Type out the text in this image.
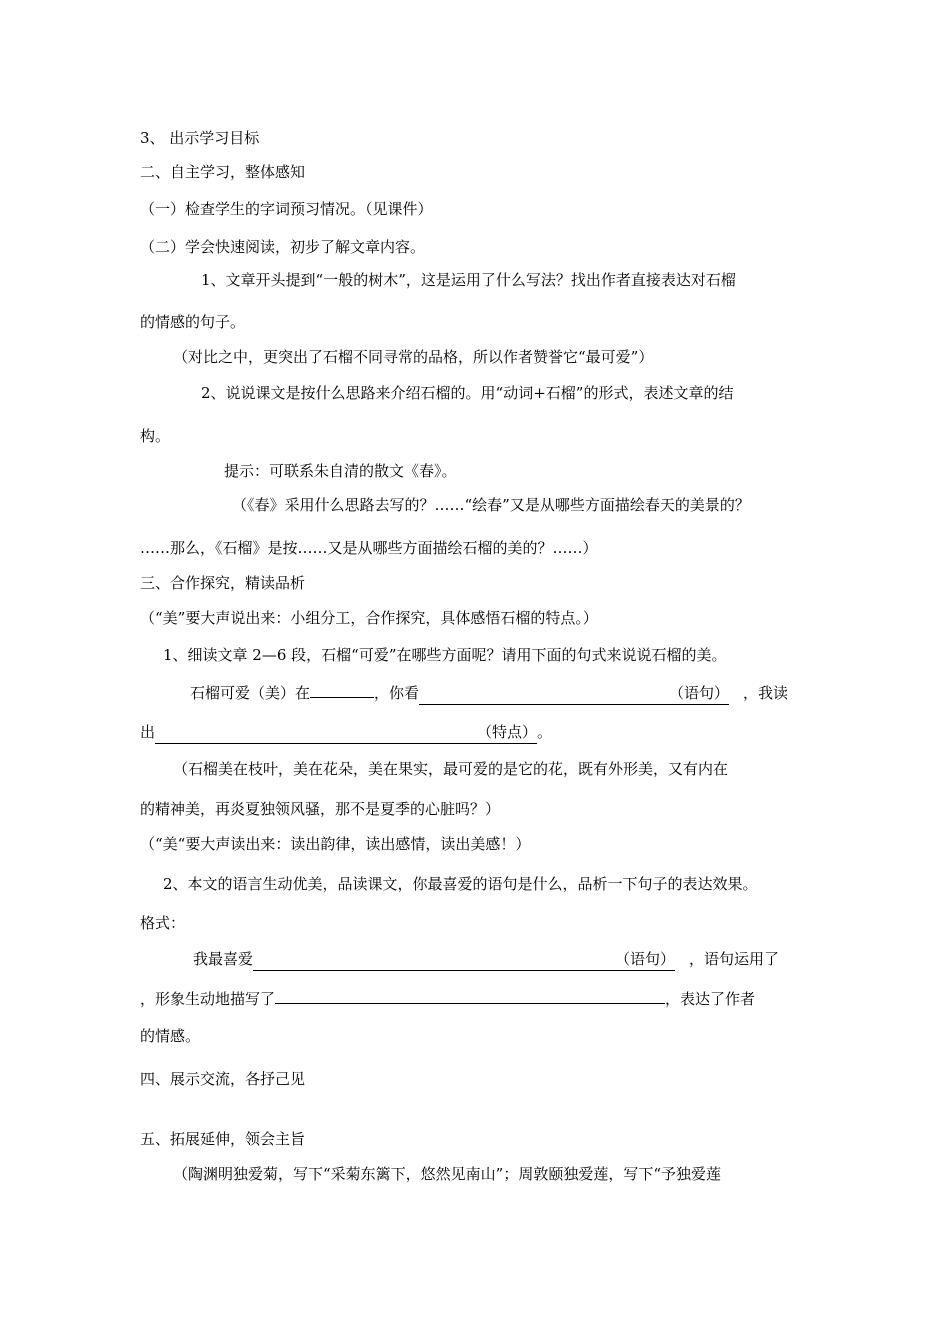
3、 出示学习目标
二、自主学习，整体感知
（一）检查学生的字词预习情况。（见课件）
（二）学会快速阅读，初步了解文章内容。
1、文章开头提到“一般的树木”，这是运用了什么写法？找出作者直接表达对石榴
的情感的句子。
（对比之中，更突出了石榴不同寻常的品格，所以作者赞誉它“最可爱”）
2、说说课文是按什么思路来介绍石榴的。用“动词+石榴”的形式，表述文章的结
构。
提示：可联系朱自清的散文《春》。
（《春》采用什么思路去写的？……“绘春”又是从哪些方面描绘春天的美景的？
……那么，《石榴》是按……又是从哪些方面描绘石榴的美的？……）
三、合作探究，精读品析
（“美”要大声说出来：小组分工，合作探究，具体感悟石榴的特点。）
1、细读文章 2—6 段，石榴“可爱”在哪些方面呢？请用下面的句式来说说石榴的美。
石榴可爱（美）在	，你看	（语句） ，我读
出	（特点）。
（石榴美在枝叶，美在花朵，美在果实，最可爱的是它的花，既有外形美，又有内在
的精神美，再炎夏独领风骚，那不是夏季的心脏吗？）
（“美“要大声读出来：读出韵律，读出感情，读出美感！）
2、本文的语言生动优美，品读课文，你最喜爱的语句是什么，品析一下句子的表达效果。
格式：
我最喜爱	（语句） ，语句运用了
，形象生动地描写了	，表达了作者
的情感。
四、展示交流，各抒己见
五、拓展延伸，领会主旨
（陶渊明独爱菊，写下“采菊东篱下，悠然见南山”；周敦颐独爱莲，写下“予独爱莲
